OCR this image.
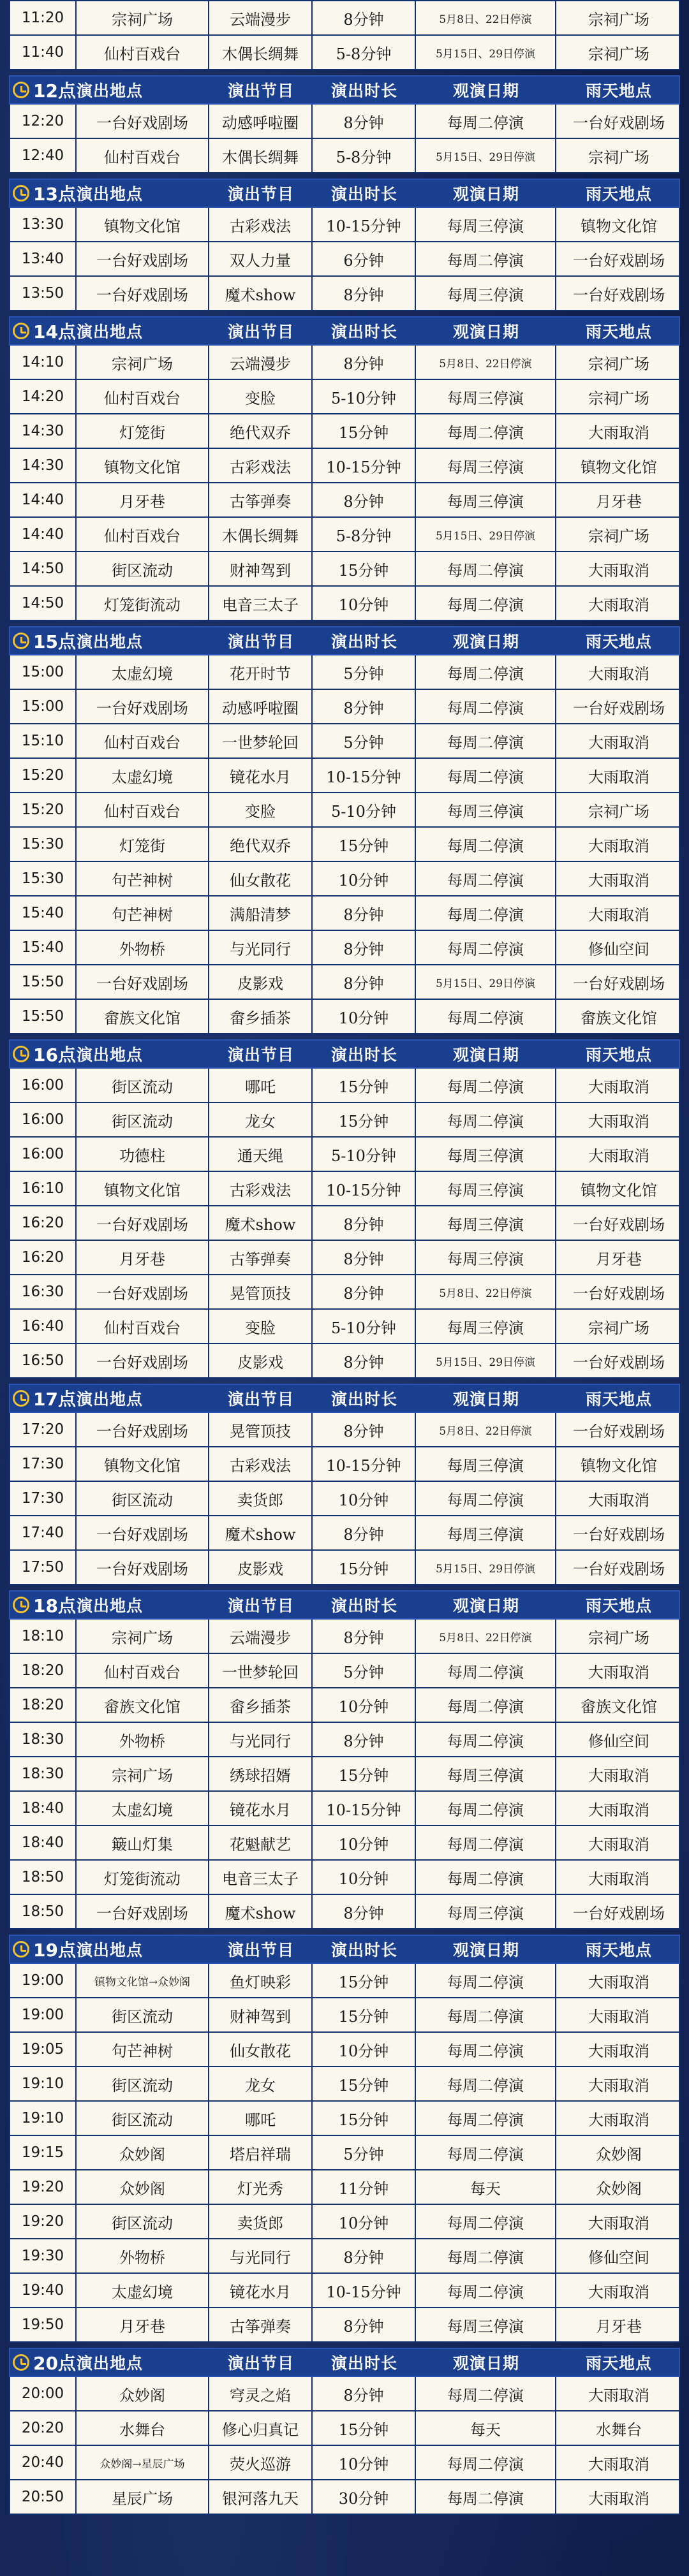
11:20	宗祠广场	云端漫步	8分钟	5月8日、22日停演	宗祠广场
11:40	仙村百戏台	木偶长绸舞	5-8分钟	5月15日、29日停演	宗祠广场
12点 演出地点	演出节目	演出时长	观演日期	雨天地点
12:20	一台好戏剧场	动感呼啦圈	8分钟	每周二停演	一台好戏剧场
12:40	仙村百戏台	木偶长绸舞	5-8分钟	5月15日、29日停演	宗祠广场
13点 演出地点	演出节目	演出时长	观演日期	雨天地点
13:30	镇物文化馆	古彩戏法	10-15分钟	每周三停演	镇物文化馆
13:40	一台好戏剧场	双人力量	6分钟	每周二停演	一台好戏剧场
13:50	一台好戏剧场	魔术show	8分钟	每周三停演	一台好戏剧场
14点 演出地点	演出节目	演出时长	观演日期	雨天地点
14:10	宗祠广场	云端漫步	8分钟	5月8日、22日停演	宗祠广场
14:20	仙村百戏台	变脸	5-10分钟	每周三停演	宗祠广场
14:30	灯笼街	绝代双乔	15分钟	每周二停演	大雨取消
14:30	镇物文化馆	古彩戏法	10-15分钟	每周三停演	镇物文化馆
14:40	月牙巷	古筝弹奏	8分钟	每周三停演	月牙巷
14:40	仙村百戏台	木偶长绸舞	5-8分钟	5月15日、29日停演	宗祠广场
14:50	街区流动	财神驾到	15分钟	每周二停演	大雨取消
14:50	灯笼街流动	电音三太子	10分钟	每周二停演	大雨取消
15点 演出地点	演出节目	演出时长	观演日期	雨天地点
15:00	太虚幻境	花开时节	5分钟	每周二停演	大雨取消
15:00	一台好戏剧场	动感呼啦圈	8分钟	每周二停演	一台好戏剧场
15:10	仙村百戏台	一世梦轮回	5分钟	每周二停演	大雨取消
15:20	太虚幻境	镜花水月	10-15分钟	每周二停演	大雨取消
15:20	仙村百戏台	变脸	5-10分钟	每周三停演	宗祠广场
15:30	灯笼街	绝代双乔	15分钟	每周二停演	大雨取消
15:30	句芒神树	仙女散花	10分钟	每周二停演	大雨取消
15:40	句芒神树	满船清梦	8分钟	每周二停演	大雨取消
15:40	外物桥	与光同行	8分钟	每周二停演	修仙空间
15:50	一台好戏剧场	皮影戏	8分钟	5月15日、29日停演	一台好戏剧场
15:50	畲族文化馆	畲乡插茶	10分钟	每周二停演	畲族文化馆
16点 演出地点	演出节目	演出时长	观演日期	雨天地点
16:00	街区流动	哪吒	15分钟	每周二停演	大雨取消
16:00	街区流动	龙女	15分钟	每周二停演	大雨取消
16:00	功德柱	通天绳	5-10分钟	每周三停演	大雨取消
16:10	镇物文化馆	古彩戏法	10-15分钟	每周三停演	镇物文化馆
16:20	一台好戏剧场	魔术show	8分钟	每周三停演	一台好戏剧场
16:20	月牙巷	古筝弹奏	8分钟	每周三停演	月牙巷
16:30	一台好戏剧场	晃管顶技	8分钟	5月8日、22日停演	一台好戏剧场
16:40	仙村百戏台	变脸	5-10分钟	每周三停演	宗祠广场
16:50	一台好戏剧场	皮影戏	8分钟	5月15日、29日停演	一台好戏剧场
17点 演出地点	演出节目	演出时长	观演日期	雨天地点
17:20	一台好戏剧场	晃管顶技	8分钟	5月8日、22日停演	一台好戏剧场
17:30	镇物文化馆	古彩戏法	10-15分钟	每周三停演	镇物文化馆
17:30	街区流动	卖货郎	10分钟	每周二停演	大雨取消
17:40	一台好戏剧场	魔术show	8分钟	每周三停演	一台好戏剧场
17:50	一台好戏剧场	皮影戏	15分钟	5月15日、29日停演	一台好戏剧场
18点 演出地点	演出节目	演出时长	观演日期	雨天地点
18:10	宗祠广场	云端漫步	8分钟	5月8日、22日停演	宗祠广场
18:20	仙村百戏台	一世梦轮回	5分钟	每周二停演	大雨取消
18:20	畲族文化馆	畲乡插茶	10分钟	每周二停演	畲族文化馆
18:30	外物桥	与光同行	8分钟	每周二停演	修仙空间
18:30	宗祠广场	绣球招婿	15分钟	每周三停演	大雨取消
18:40	太虚幻境	镜花水月	10-15分钟	每周二停演	大雨取消
18:40	簸山灯集	花魁献艺	10分钟	每周二停演	大雨取消
18:50	灯笼街流动	电音三太子	10分钟	每周二停演	大雨取消
18:50	一台好戏剧场	魔术show	8分钟	每周三停演	一台好戏剧场
19点 演出地点	演出节目	演出时长	观演日期	雨天地点
19:00	镇物文化馆→众妙阁	鱼灯映彩	15分钟	每周二停演	大雨取消
19:00	街区流动	财神驾到	15分钟	每周二停演	大雨取消
19:05	句芒神树	仙女散花	10分钟	每周二停演	大雨取消
19:10	街区流动	龙女	15分钟	每周二停演	大雨取消
19:10	街区流动	哪吒	15分钟	每周二停演	大雨取消
19:15	众妙阁	塔启祥瑞	5分钟	每周二停演	众妙阁
19:20	众妙阁	灯光秀	11分钟	每天	众妙阁
19:20	街区流动	卖货郎	10分钟	每周二停演	大雨取消
19:30	外物桥	与光同行	8分钟	每周二停演	修仙空间
19:40	太虚幻境	镜花水月	10-15分钟	每周二停演	大雨取消
19:50	月牙巷	古筝弹奏	8分钟	每周三停演	月牙巷
20点 演出地点	演出节目	演出时长	观演日期	雨天地点
20:00	众妙阁	穹灵之焰	8分钟	每周二停演	大雨取消
20:20	水舞台	修心归真记	15分钟	每天	水舞台
20:40	众妙阁→星辰广场	荧火巡游	10分钟	每周二停演	大雨取消
20:50	星辰广场	银河落九天	30分钟	每周二停演	大雨取消
